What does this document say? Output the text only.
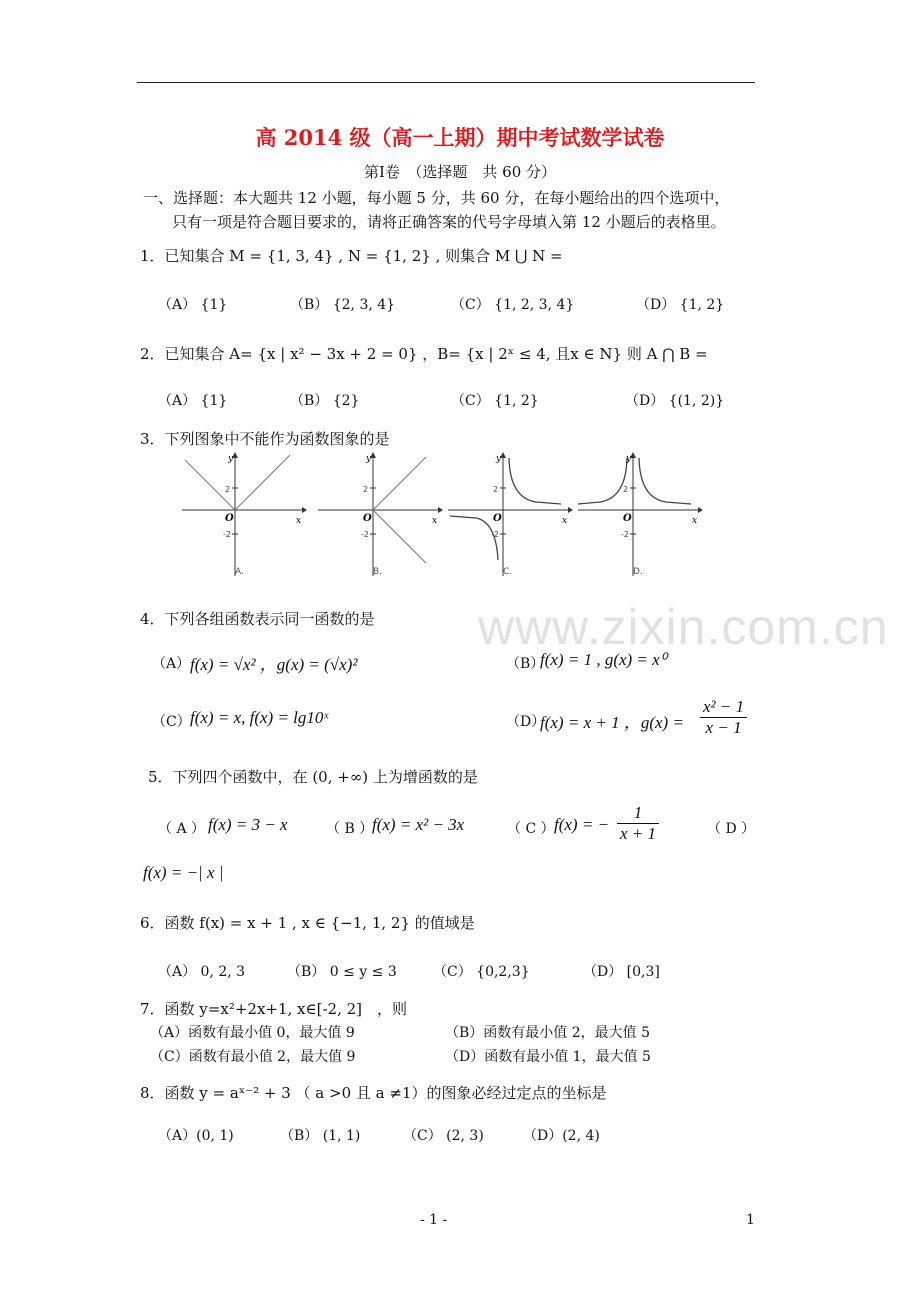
高 2014 级（高一上期）期中考试数学试卷
第Ⅰ卷　（选择题　共 60 分）
一、选择题：本大题共 12 小题，每小题 5 分，共 60 分，在每小题给出的四个选项中，
只有一项是符合题目要求的，请将正确答案的代号字母填入第 12 小题后的表格里。
1．已知集合 M = {1, 3, 4} , N = {1, 2} , 则集合 M ⋃ N =
（A） {1}	（B） {2, 3, 4}	（C） {1, 2, 3, 4}	（D） {1, 2}
2．已知集合 A= {x | x² − 3x + 2 = 0} ，B= {x | 2ˣ ≤ 4, 且x ∈ N} 则 A ⋂ B =
（A） {1}	（B） {2}	（C） {1, 2}	（D） {(1, 2)}
3．下列图象中不能作为函数图象的是
y
x
O
2
-2
A.
y
x
O
2
-2
B.
y
x
O
2
-2
C.
y
x
O
2
-2
D.
www.zixin.com.cn
4．下列各组函数表示同一函数的是
（A） f(x) = √x² ，g(x) = (√x)²	（B）
f(x) = 1 , g(x) = x⁰
（C） f(x) = x, f(x) = lg10ˣ	（D）
f(x) = x + 1 ，$g(x) = \frac{\text{x² − 1}}{x - 1}$
5．下列四个函数中，在 (0, +∞) 上为增函数的是
（ A ） f(x) = 3 − x	（ B ）
f(x) = x² − 3x	（ C ） f(x) = − $\frac{1}{x + 1}$	（ D ）
f(x) = −| x |
6．函数 f(x) = x + 1 , x ∈ {−1, 1, 2} 的值域是
（A） 0, 2, 3	（B） 0 ≤ y ≤ 3	（C） {0,2,3}	（D） [0,3]
7．函数 y=x²+2x+1, x∈[-2, 2]　，则
（A）函数有最小值 0，最大值 9	（B）函数有最小值 2，最大值 5
（C）函数有最小值 2，最大值 9	（D）函数有最小值 1，最大值 5
8．函数 y = aˣ⁻² + 3 （ a >0 且 a ≠1）的图象必经过定点的坐标是
（A）(0, 1)	（B） (1, 1)	（C） (2, 3)	（D）(2, 4)
- 1 -	1
